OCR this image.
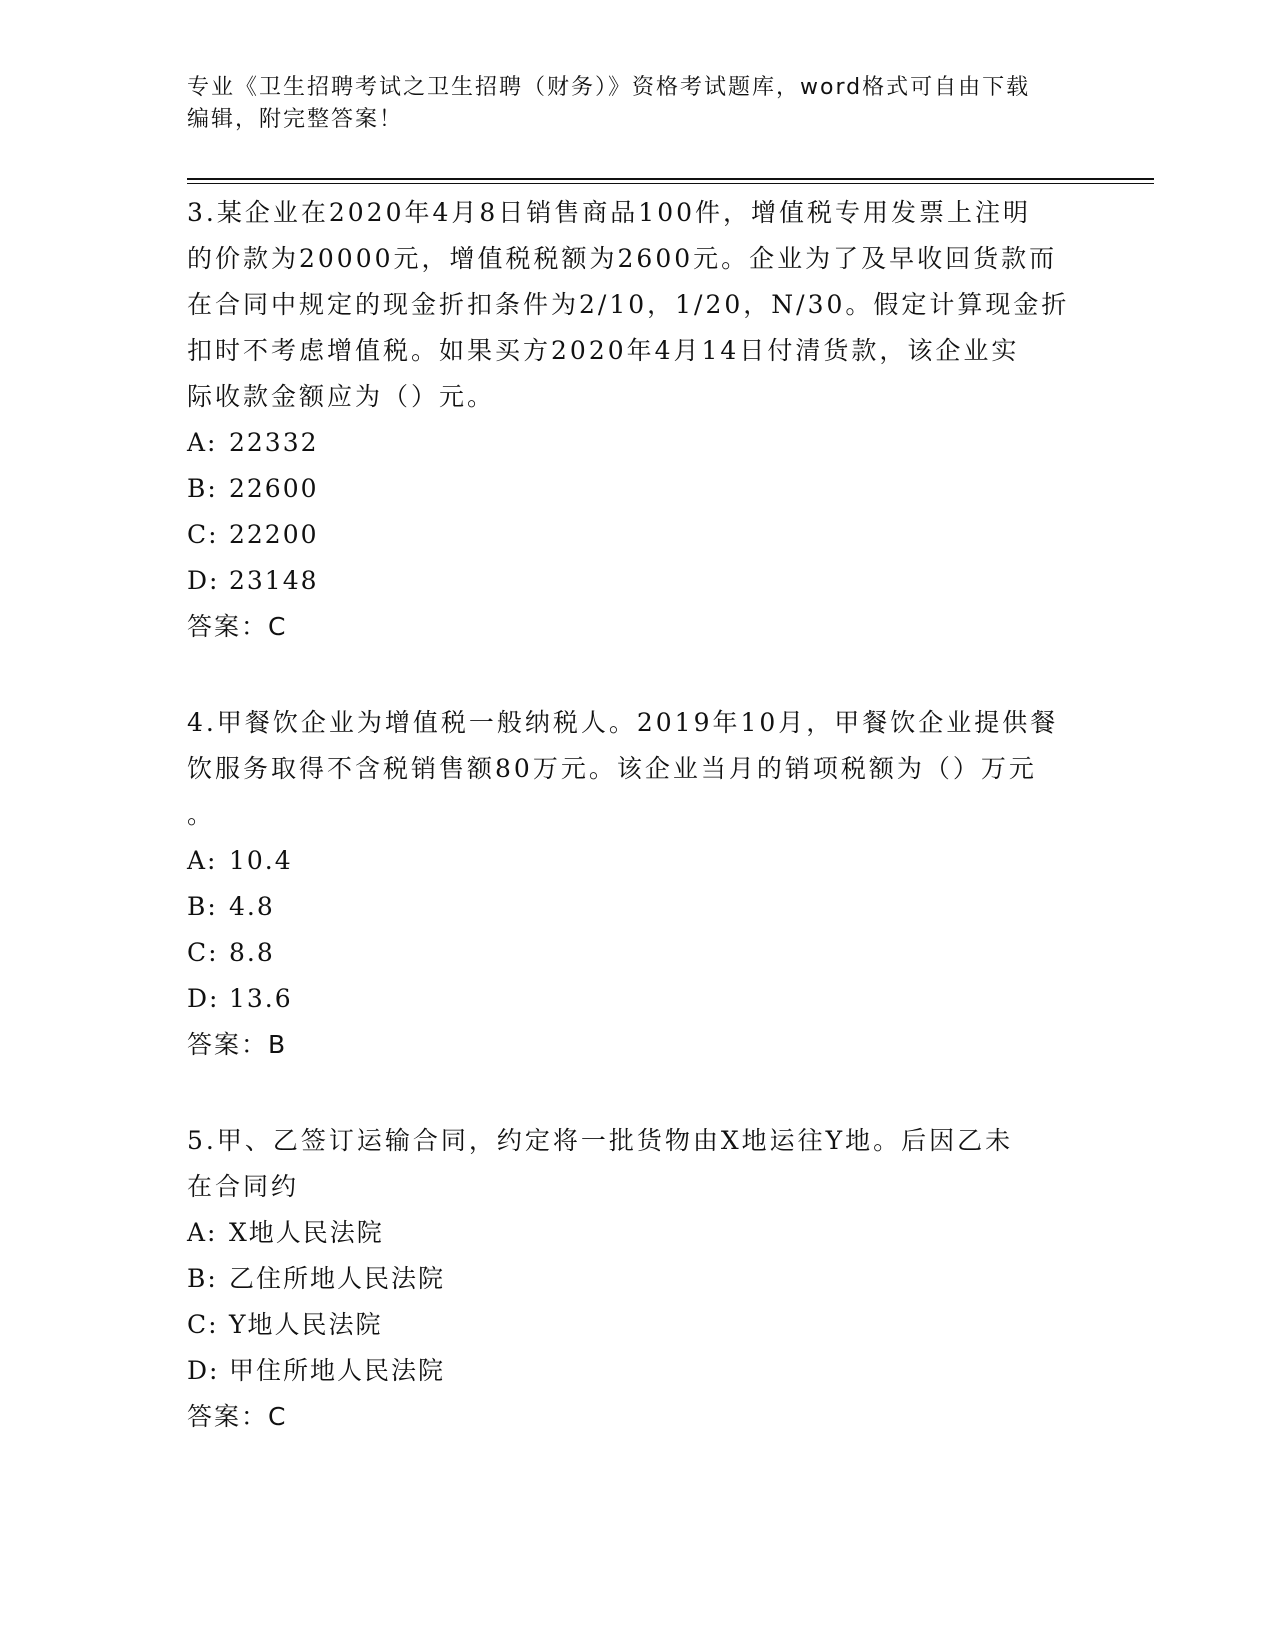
专业《卫生招聘考试之卫生招聘（财务）》资格考试题库，word格式可自由下载
编辑，附完整答案！

3.某企业在2020年4月8日销售商品100件，增值税专用发票上注明

的价款为20000元，增值税税额为2600元。企业为了及早收回货款而

在合同中规定的现金折扣条件为2/10，1/20，N/30。假定计算现金折

扣时不考虑增值税。如果买方2020年4月14日付清货款，该企业实

际收款金额应为（）元。

A: 22332

B: 22600

C: 22200

D: 23148

答案：C

4.甲餐饮企业为增值税一般纳税人。2019年10月，甲餐饮企业提供餐

饮服务取得不含税销售额80万元。该企业当月的销项税额为（）万元

。

A: 10.4

B: 4.8

C: 8.8

D: 13.6

答案：B

5.甲、乙签订运输合同，约定将一批货物由X地运往Y地。后因乙未

在合同约

A: X地人民法院

B: 乙住所地人民法院

C: Y地人民法院

D: 甲住所地人民法院

答案：C
